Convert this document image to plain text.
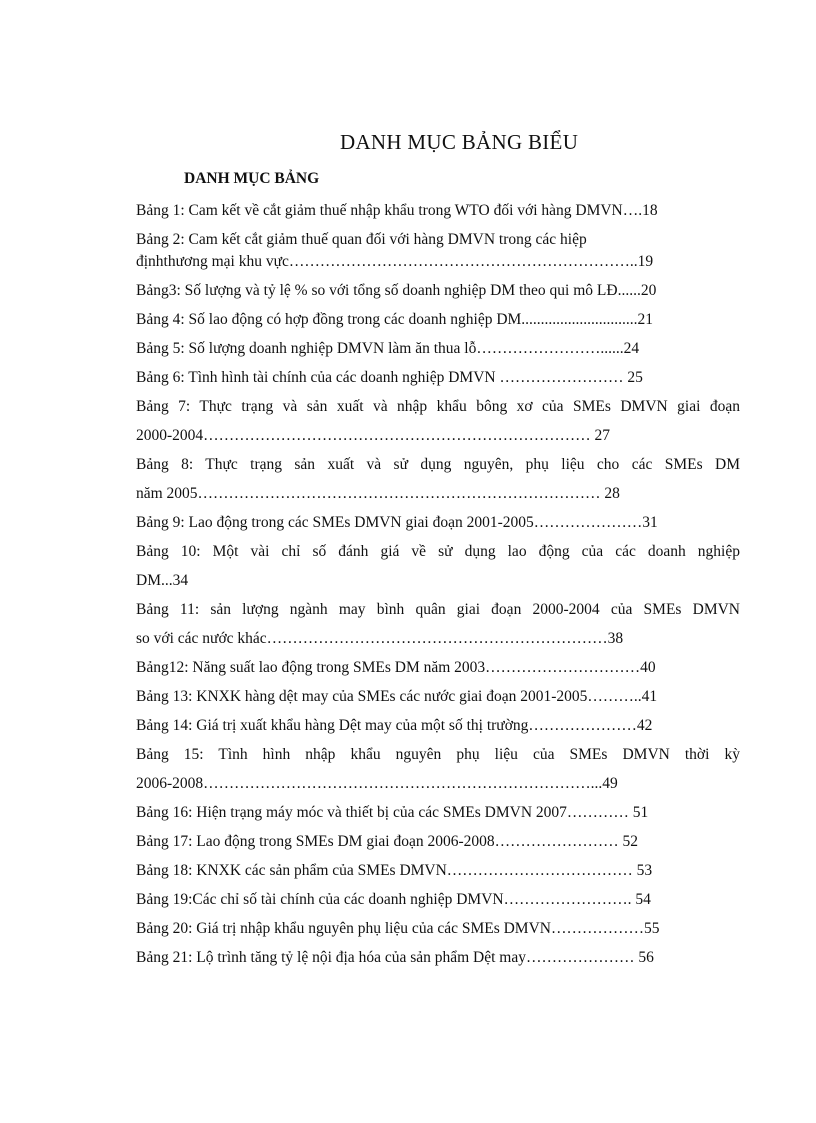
DANH MỤC BẢNG BIỂU
DANH MỤC BẢNG
Bảng 1: Cam kết về cắt giảm thuế nhập khẩu trong WTO đối với hàng DMVN….18
Bảng 2: Cam kết cắt giảm thuế quan đối với hàng DMVN trong các hiệp
địnhthương mại khu vực…………………………………………………………..19
Bảng3: Số lượng và tỷ lệ % so với tổng số doanh nghiệp DM theo qui mô LĐ......20
Bảng 4: Số lao động có hợp đồng trong các doanh nghiệp DM..............................21
Bảng 5: Số lượng doanh nghiệp DMVN làm ăn thua lỗ……………………......24
Bảng 6: Tình hình tài chính của các doanh nghiệp DMVN …………………… 25
Bảng 7: Thực trạng và sản xuất và nhập khẩu bông xơ của SMEs DMVN giai đoạn
2000-2004………………………………………………………………… 27
Bảng 8: Thực trạng sản xuất và sử dụng nguyên, phụ liệu cho các SMEs DM
năm 2005…………………………………………………………………… 28
Bảng 9: Lao động trong các SMEs DMVN giai đoạn 2001-2005…………………31
Bảng 10: Một vài chỉ số đánh giá về sử dụng lao động của các doanh nghiệp
DM...34
Bảng 11: sản lượng ngành may bình quân giai đoạn 2000-2004 của SMEs DMVN
so với các nước khác…………………………………………………………38
Bảng12: Năng suất lao động trong SMEs DM năm 2003…………………………40
Bảng 13: KNXK hàng dệt may của SMEs các nước giai đoạn 2001-2005………..41
Bảng 14: Giá trị xuất khẩu hàng Dệt may của một số thị trường…………………42
Bảng 15: Tình hình nhập khẩu nguyên phụ liệu của SMEs DMVN thời kỳ
2006-2008…………………………………………………………………...49
Bảng 16: Hiện trạng máy móc và thiết bị của các SMEs DMVN 2007………… 51
Bảng 17: Lao động trong SMEs DM giai đoạn 2006-2008…………………… 52
Bảng 18: KNXK các sản phẩm của SMEs DMVN……………………………… 53
Bảng 19:Các chỉ số tài chính của các doanh nghiệp DMVN……………………. 54
Bảng 20: Giá trị nhập khẩu nguyên phụ liệu của các SMEs DMVN………………55
Bảng 21: Lộ trình tăng tỷ lệ nội địa hóa của sản phẩm Dệt may………………… 56
